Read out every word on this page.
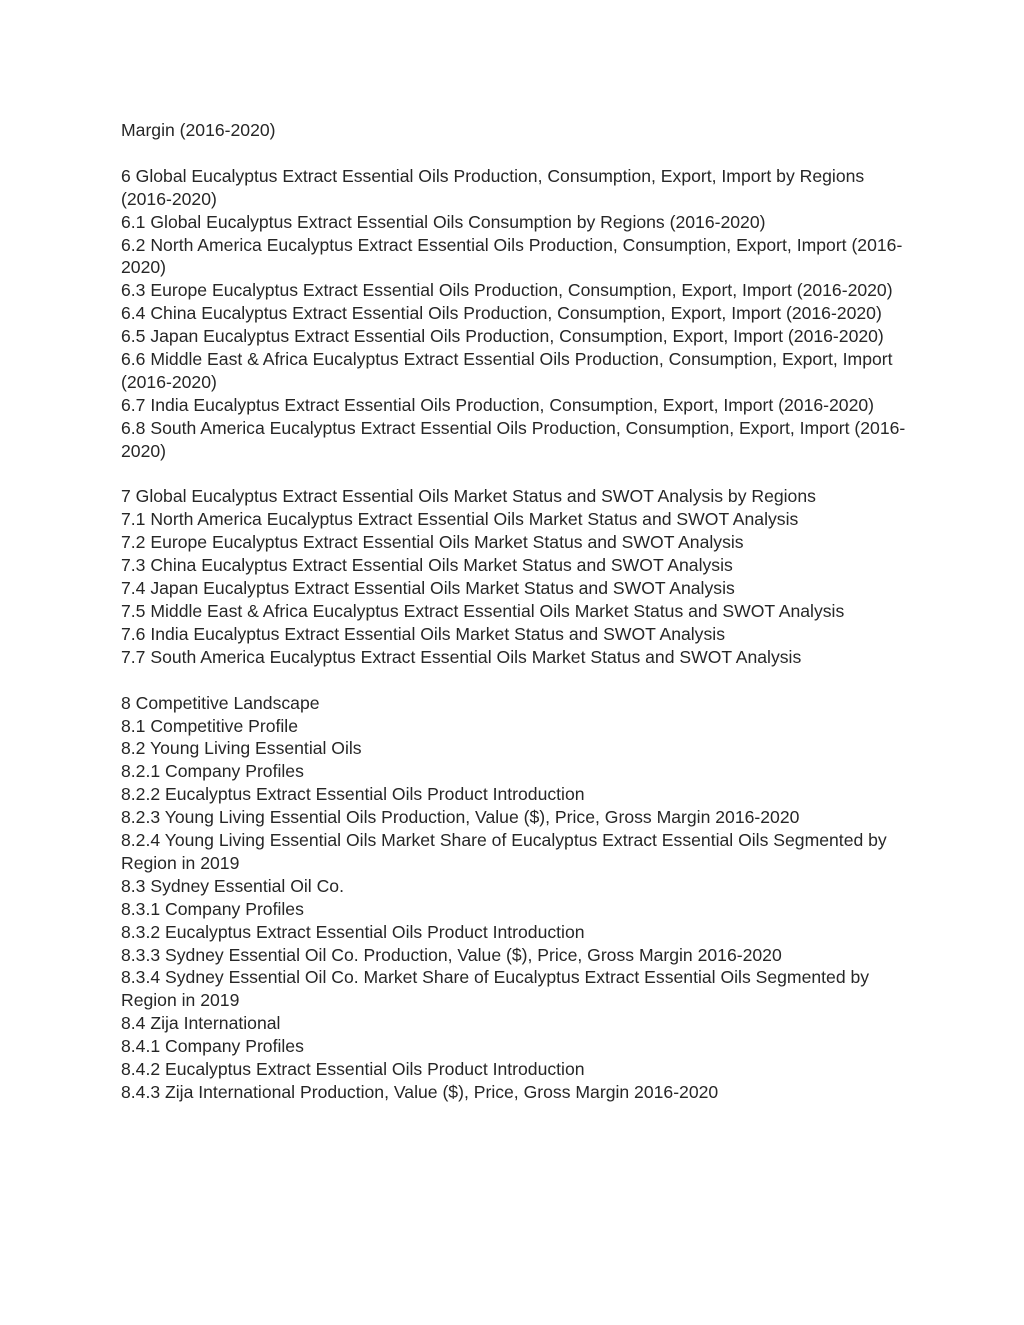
Margin (2016-2020)
6 Global Eucalyptus Extract Essential Oils Production, Consumption, Export, Import by Regions (2016-2020)
6.1 Global Eucalyptus Extract Essential Oils Consumption by Regions (2016-2020)
6.2 North America Eucalyptus Extract Essential Oils Production, Consumption, Export, Import (2016-2020)
6.3 Europe Eucalyptus Extract Essential Oils Production, Consumption, Export, Import (2016-2020)
6.4 China Eucalyptus Extract Essential Oils Production, Consumption, Export, Import (2016-2020)
6.5 Japan Eucalyptus Extract Essential Oils Production, Consumption, Export, Import (2016-2020)
6.6 Middle East & Africa Eucalyptus Extract Essential Oils Production, Consumption, Export, Import (2016-2020)
6.7 India Eucalyptus Extract Essential Oils Production, Consumption, Export, Import (2016-2020)
6.8 South America Eucalyptus Extract Essential Oils Production, Consumption, Export, Import (2016-2020)
7 Global Eucalyptus Extract Essential Oils Market Status and SWOT Analysis by Regions
7.1 North America Eucalyptus Extract Essential Oils Market Status and SWOT Analysis
7.2 Europe Eucalyptus Extract Essential Oils Market Status and SWOT Analysis
7.3 China Eucalyptus Extract Essential Oils Market Status and SWOT Analysis
7.4 Japan Eucalyptus Extract Essential Oils Market Status and SWOT Analysis
7.5 Middle East & Africa Eucalyptus Extract Essential Oils Market Status and SWOT Analysis
7.6 India Eucalyptus Extract Essential Oils Market Status and SWOT Analysis
7.7 South America Eucalyptus Extract Essential Oils Market Status and SWOT Analysis
8 Competitive Landscape
8.1 Competitive Profile
8.2 Young Living Essential Oils
8.2.1 Company Profiles
8.2.2 Eucalyptus Extract Essential Oils Product Introduction
8.2.3 Young Living Essential Oils Production, Value ($), Price, Gross Margin 2016-2020
8.2.4 Young Living Essential Oils Market Share of Eucalyptus Extract Essential Oils Segmented by Region in 2019
8.3 Sydney Essential Oil Co.
8.3.1 Company Profiles
8.3.2 Eucalyptus Extract Essential Oils Product Introduction
8.3.3 Sydney Essential Oil Co. Production, Value ($), Price, Gross Margin 2016-2020
8.3.4 Sydney Essential Oil Co. Market Share of Eucalyptus Extract Essential Oils Segmented by Region in 2019
8.4 Zija International
8.4.1 Company Profiles
8.4.2 Eucalyptus Extract Essential Oils Product Introduction
8.4.3 Zija International Production, Value ($), Price, Gross Margin 2016-2020
